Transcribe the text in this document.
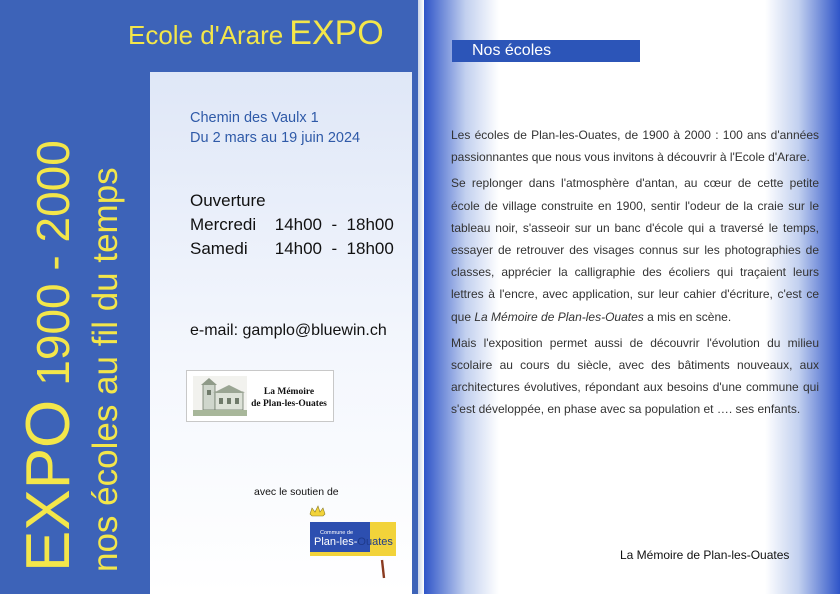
Ecole d'Arare EXPO
EXPO1900 - 2000 nos écoles au fil du temps
Chemin des Vaulx 1
Du 2 mars au 19 juin 2024
Ouverture
Mercredi 14h00  -  18h00
Samedi 14h00  -  18h00
e-mail: gamplo@bluewin.ch
La Mémoire
de Plan-les-Ouates
avec le soutien de
Commune de
Plan-les-Ouates
Nos écoles

Les écoles de Plan-les-Ouates, de 1900 à 2000 : 100 ans d'années passionnantes que nous vous invitons à découvrir à l'Ecole d'Arare.

Se replonger dans l'atmosphère d'antan, au cœur de cette petite école de village construite en 1900, sentir l'odeur de la craie sur le tableau noir, s'asseoir sur un banc d'école qui a traversé le temps, essayer de retrouver des visages connus sur les photographies de classes, apprécier la calligraphie des écoliers qui traçaient leurs lettres à l'encre, avec application, sur leur cahier d'écriture, c'est ce que La Mémoire de Plan-les-Ouates a mis en scène.

Mais l'exposition permet aussi de découvrir l'évolution du milieu scolaire au cours du siècle, avec des bâtiments nouveaux, aux architectures évolutives, répondant aux besoins d'une commune qui s'est développée, en phase avec sa population et …. ses enfants.

La Mémoire de Plan-les-Ouates
